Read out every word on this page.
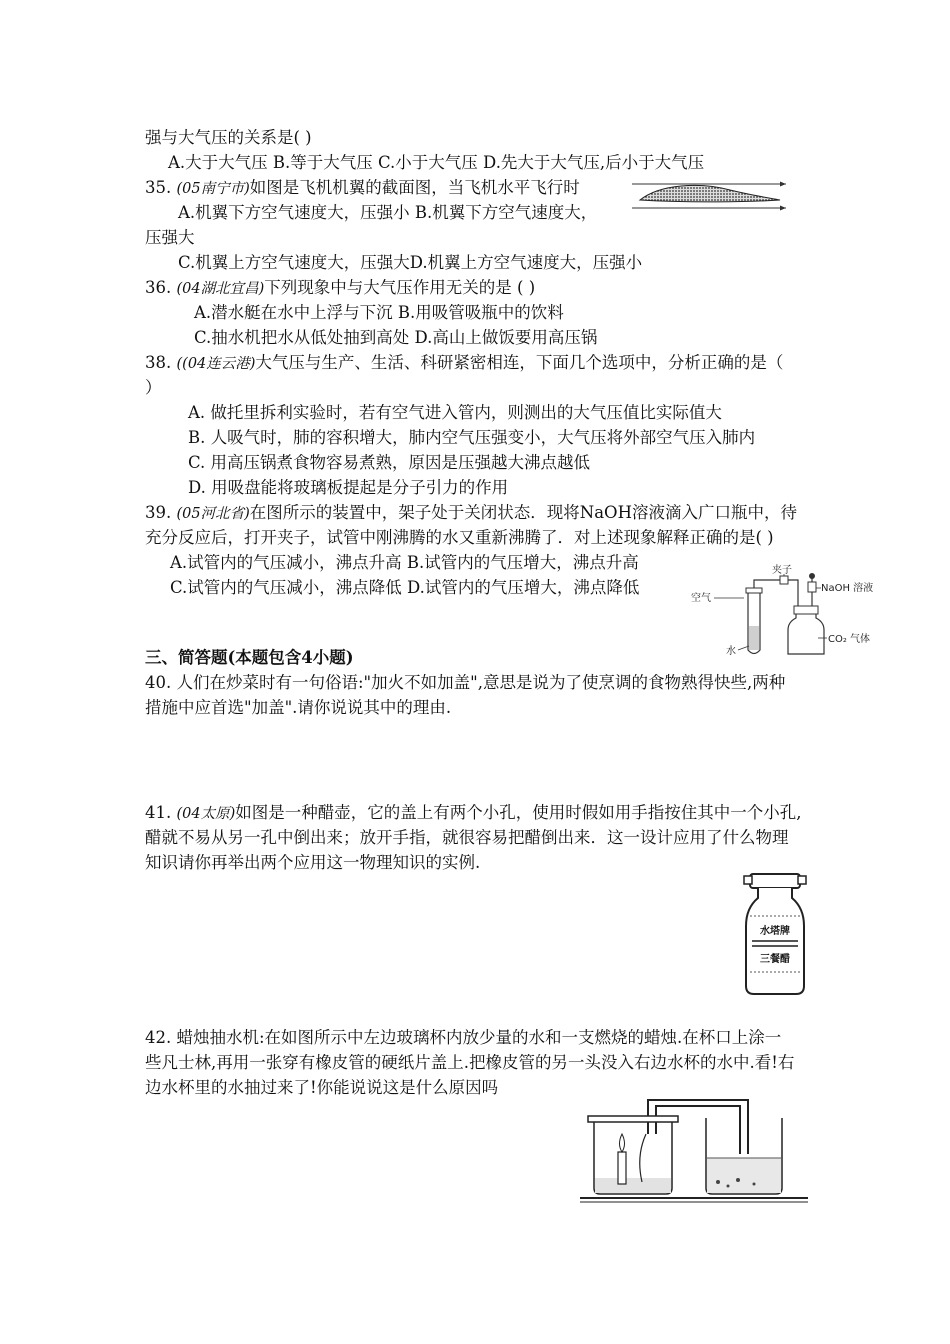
强与大气压的关系是( )
A.大于大气压 B.等于大气压 C.小于大气压 D.先大于大气压,后小于大气压
35. (05南宁市)如图是飞机机翼的截面图，当飞机水平飞行时
A.机翼下方空气速度大，压强小 B.机翼下方空气速度大，
压强大
C.机翼上方空气速度大，压强大D.机翼上方空气速度大，压强小
36. (04湖北宜昌)下列现象中与大气压作用无关的是 ( )
A.潜水艇在水中上浮与下沉 B.用吸管吸瓶中的饮料
C.抽水机把水从低处抽到高处 D.高山上做饭要用高压锅
38. ((04连云港)大气压与生产、生活、科研紧密相连，下面几个选项中，分析正确的是（
）
A. 做托里拆利实验时，若有空气进入管内，则测出的大气压值比实际值大
B. 人吸气时，肺的容积增大，肺内空气压强变小，大气压将外部空气压入肺内
C. 用高压锅煮食物容易煮熟，原因是压强越大沸点越低
D. 用吸盘能将玻璃板提起是分子引力的作用
39. (05河北省)在图所示的装置中，架子处于关闭状态．现将NaOH溶液滴入广口瓶中，待
充分反应后，打开夹子，试管中刚沸腾的水又重新沸腾了．对上述现象解释正确的是( )
A.试管内的气压减小，沸点升高 B.试管内的气压增大，沸点升高
C.试管内的气压减小，沸点降低 D.试管内的气压增大，沸点降低
空气
水
夹子
NaOH 溶液
CO₂ 气体
三、简答题(本题包含4小题)
40. 人们在炒菜时有一句俗语:"加火不如加盖",意思是说为了使烹调的食物熟得快些,两种
措施中应首选"加盖".请你说说其中的理由.
41. (04太原)如图是一种醋壶，它的盖上有两个小孔，使用时假如用手指按住其中一个小孔,
醋就不易从另一孔中倒出来；放开手指，就很容易把醋倒出来．这一设计应用了什么物理
知识请你再举出两个应用这一物理知识的实例.
水塔牌
三餐醋
42. 蜡烛抽水机:在如图所示中左边玻璃杯内放少量的水和一支燃烧的蜡烛.在杯口上涂一
些凡士林,再用一张穿有橡皮管的硬纸片盖上.把橡皮管的另一头没入右边水杯的水中.看!右
边水杯里的水抽过来了!你能说说这是什么原因吗
